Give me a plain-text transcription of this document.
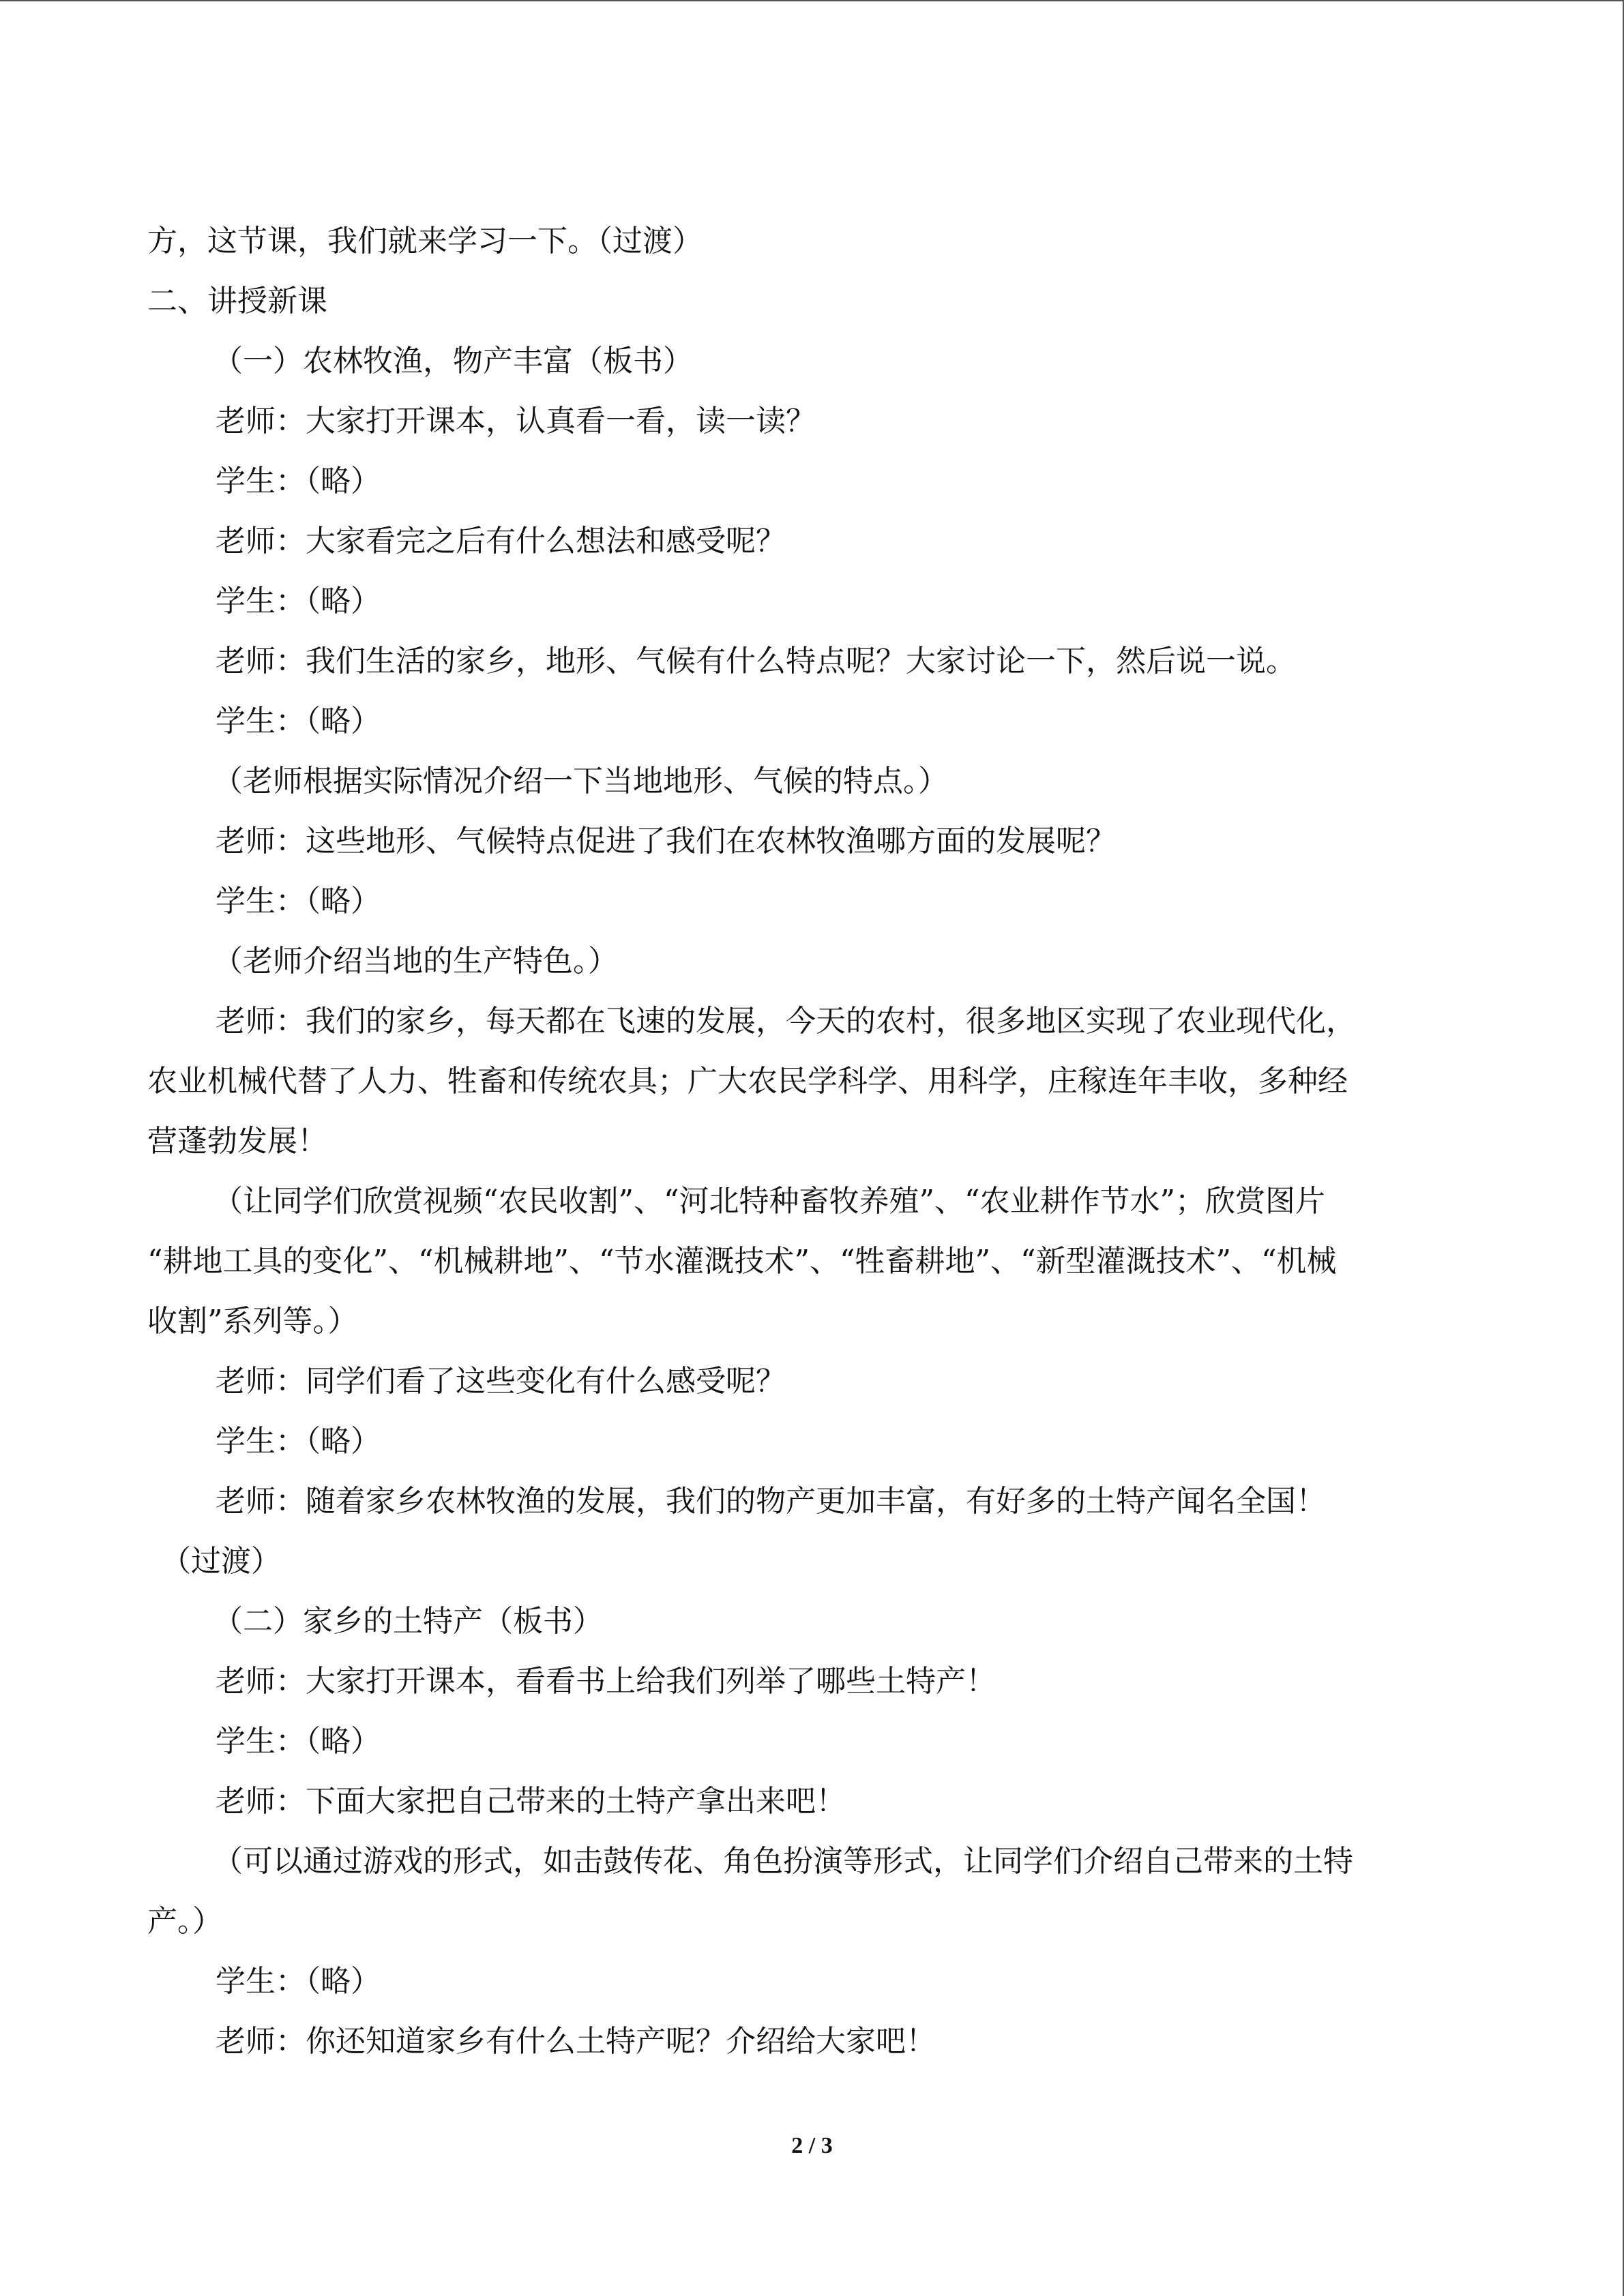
方，这节课，我们就来学习一下。（过渡）
二、讲授新课
（一）农林牧渔，物产丰富（板书）
老师：大家打开课本，认真看一看，读一读？
学生：（略）
老师：大家看完之后有什么想法和感受呢？
学生：（略）
老师：我们生活的家乡，地形、气候有什么特点呢？大家讨论一下，然后说一说。
学生：（略）
（老师根据实际情况介绍一下当地地形、气候的特点。）
老师：这些地形、气候特点促进了我们在农林牧渔哪方面的发展呢？
学生：（略）
（老师介绍当地的生产特色。）
老师：我们的家乡，每天都在飞速的发展，今天的农村，很多地区实现了农业现代化，
农业机械代替了人力、牲畜和传统农具；广大农民学科学、用科学，庄稼连年丰收，多种经
营蓬勃发展！
（让同学们欣赏视频“农民收割”、“河北特种畜牧养殖”、“农业耕作节水”；欣赏图片
“耕地工具的变化”、“机械耕地”、“节水灌溉技术”、“牲畜耕地”、“新型灌溉技术”、“机械
收割”系列等。）
老师：同学们看了这些变化有什么感受呢？
学生：（略）
老师：随着家乡农林牧渔的发展，我们的物产更加丰富，有好多的土特产闻名全国！
（过渡）
（二）家乡的土特产（板书）
老师：大家打开课本，看看书上给我们列举了哪些土特产！
学生：（略）
老师：下面大家把自己带来的土特产拿出来吧！
（可以通过游戏的形式，如击鼓传花、角色扮演等形式，让同学们介绍自己带来的土特
产。）
学生：（略）
老师：你还知道家乡有什么土特产呢？介绍给大家吧！
2 / 3
